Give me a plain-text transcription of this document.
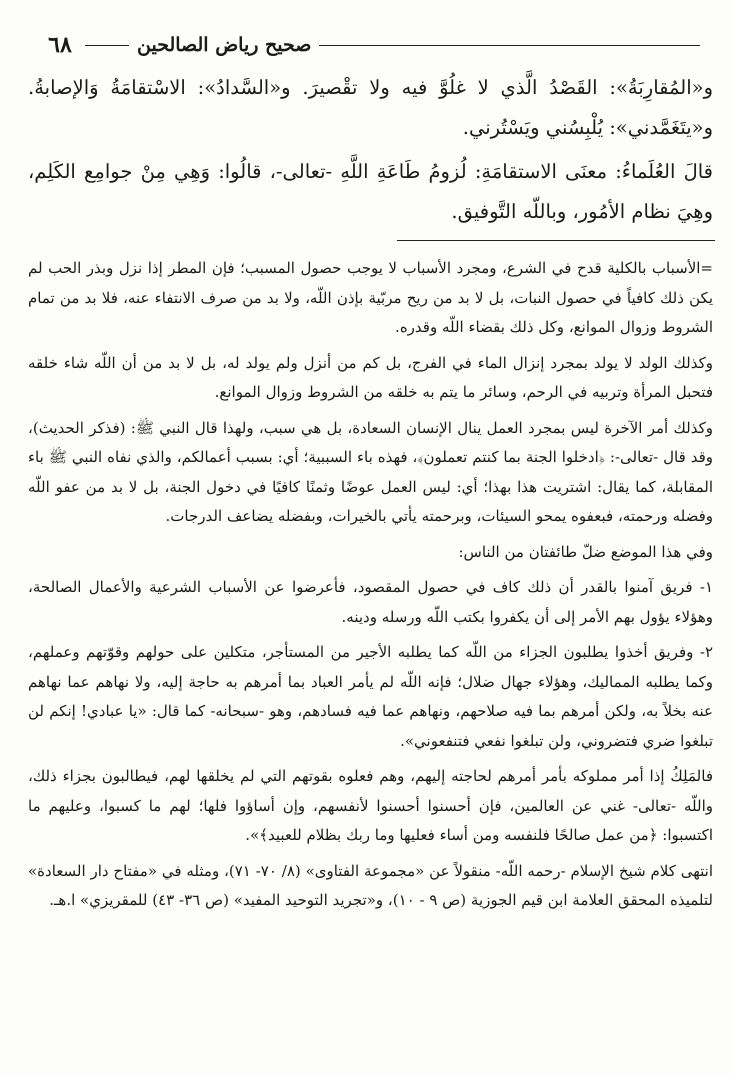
٦٨	صحيح رياض الصالحين

و«المُقارِبَةُ»: القَصْدُ الَّذي لا غلُوَّ فيه ولا تقْصيرَ. و«السَّدادُ»: الاسْتقامَةُ وَالإصابةُ. و«يتَغَمَّدني»: يُلْبِسُني ويَسْتُرني.

قالَ العُلَماءُ: معنَى الاستقامَةِ: لُزومُ طَاعَةِ اللَّهِ -تعالى-، قالُوا: وَهِي مِنْ جوامِع الكَلِم، وهِيَ نظام الأمُور، وباللّه التَّوفيق.

=الأسباب بالكلية قدح في الشرع، ومجرد الأسباب لا يوجب حصول المسبب؛ فإن المطر إذا نزل وبذر الحب لم يكن ذلك كافياً في حصول النبات، بل لا بد من ريح مربّية بإذن اللّه، ولا بد من صرف الانتفاء عنه، فلا بد من تمام الشروط وزوال الموانع، وكل ذلك بقضاء اللّه وقدره.

وكذلك الولد لا يولد بمجرد إنزال الماء في الفرج، بل كم من أنزل ولم يولد له، بل لا بد من أن اللّه شاء خلقه فتحبل المرأة وتربيه في الرحم، وسائر ما يتم به خلقه من الشروط وزوال الموانع.

وكذلك أمر الآخرة ليس بمجرد العمل ينال الإنسان السعادة، بل هي سبب، ولهذا قال النبي ﷺ: (فذكر الحديث)، وقد قال -تعالى-: ﴿ادخلوا الجنة بما كنتم تعملون﴾، فهذه باء السببية؛ أي: بسبب أعمالكم، والذي نفاه النبي ﷺ باء المقابلة، كما يقال: اشتريت هذا بهذا؛ أي: ليس العمل عوضًا وثمنًا كافيًا في دخول الجنة، بل لا بد من عفو اللّه وفضله ورحمته، فبعفوه يمحو السيئات، وبرحمته يأتي بالخيرات، وبفضله يضاعف الدرجات.

وفي هذا الموضع ضلّ طائفتان من الناس:

١- فريق آمنوا بالقدر أن ذلك كاف في حصول المقصود، فأعرضوا عن الأسباب الشرعية والأعمال الصالحة، وهؤلاء يؤول بهم الأمر إلى أن يكفروا بكتب اللّه ورسله ودينه.

٢- وفريق أخذوا يطلبون الجزاء من اللّه كما يطلبه الأجير من المستأجر، متكلين على حولهم وقوّتهم وعملهم، وكما يطلبه المماليك، وهؤلاء جهال ضلال؛ فإنه اللّه لم يأمر العباد بما أمرهم به حاجة إليه، ولا نهاهم عما نهاهم عنه بخلاً به، ولكن أمرهم بما فيه صلاحهم، ونهاهم عما فيه فسادهم، وهو -سبحانه- كما قال: «يا عبادي! إنكم لن تبلغوا ضري فتضروني، ولن تبلغوا نفعي فتنفعوني».

فالمَلِكُ إذا أمر مملوكه بأمر أمرهم لحاجته إليهم، وهم فعلوه بقوتهم التي لم يخلقها لهم، فيطالبون بجزاء ذلك، واللّه -تعالى- غني عن العالمين، فإن أحسنوا أحسنوا لأنفسهم، وإن أساؤوا فلها؛ لهم ما كسبوا، وعليهم ما اكتسبوا: ﴿من عمل صالحًا فلنفسه ومن أساء فعليها وما ربك بظلام للعبيد﴾».

انتهى كلام شيخ الإسلام -رحمه اللّه- منقولاً عن «مجموعة الفتاوى» (٨/ ٧٠- ٧١)، ومثله في «مفتاح دار السعادة» لتلميذه المحقق العلامة ابن قيم الجوزية (ص ٩ - ١٠)، و«تجريد التوحيد المفيد» (ص ٣٦- ٤٣) للمقريزي» ا.هـ.
